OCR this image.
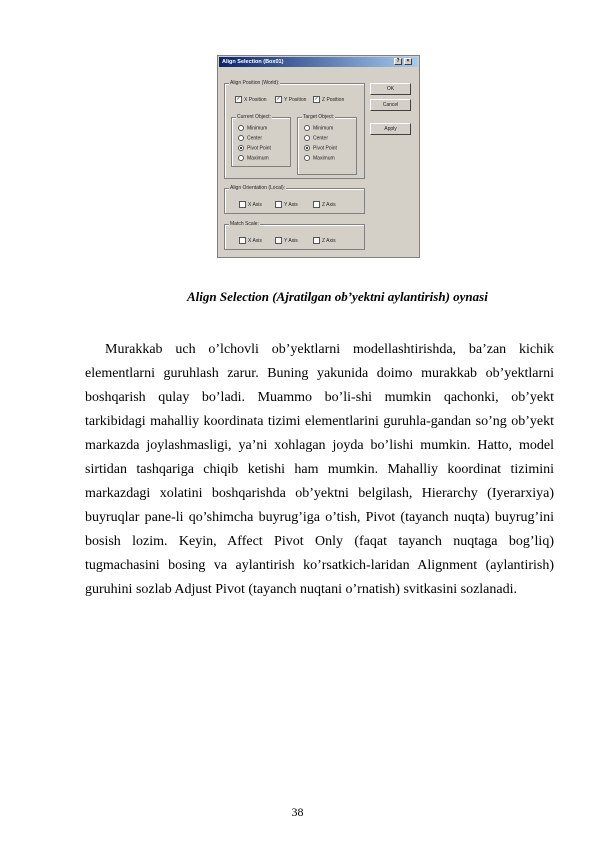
Align Selection (Box01)	?	×
Align Position (World):
✓ X Position ✓ Y Position ✓ Z Position
Current Object:
Minimum
Center
Pivot Point
Maximum
Target Object:
Minimum
Center
Pivot Point
Maximum
Align Orientation (Local):
X Axis	Y Axis	Z Axis
Match Scale:
X Axis	Y Axis	Z Axis
OK
Cancel
Apply
Align Selection (Ajratilgan ob’yektni aylantirish) oynasi
Murakkab uch o’lchovli ob’yektlarni modellashtirishda, ba’zan kichik elementlarni guruhlash zarur. Buning yakunida doimo murakkab ob’yektlarni boshqarish qulay bo’ladi. Muammo bo’li-shi mumkin qachonki, ob’yekt tarkibidagi mahalliy koordinata tizimi elementlarini guruhla-gandan so’ng ob’yekt markazda joylashmasligi, ya’ni xohlagan joyda bo’lishi mumkin. Hatto, model sirtidan tashqariga chiqib ketishi ham mumkin. Mahalliy koordinat tizimini markazdagi xolatini boshqarishda ob’yektni belgilash, Hierarchy (Iyerarxiya) buyruqlar pane-li qo’shimcha buyrug’iga o’tish, Pivot (tayanch nuqta) buyrug’ini bosish lozim. Keyin, Affect Pivot Only (faqat tayanch nuqtaga bog’liq) tugmachasini bosing va aylantirish ko’rsatkich-laridan Alignment (aylantirish) guruhini sozlab Adjust Pivot (tayanch nuqtani o’rnatish) svitkasini sozlanadi.
38
